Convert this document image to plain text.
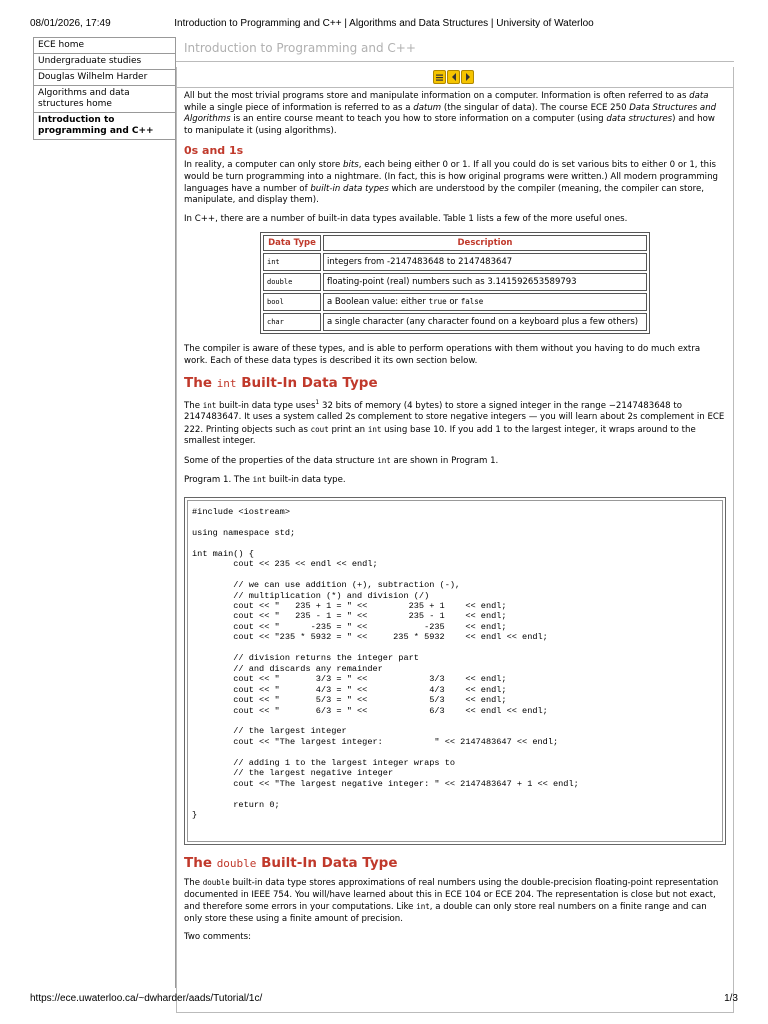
08/01/2026, 17:49	Introduction to Programming and C++ | Algorithms and Data Structures | University of Waterloo
ECE home
Undergraduate studies
Douglas Wilhelm Harder
Algorithms and data structures home
Introduction to programming and C++
Introduction to Programming and C++

All but the most trivial programs store and manipulate information on a computer. Information is often referred to as data while a single piece of information is referred to as a datum (the singular of data). The course ECE 250 Data Structures and Algorithms is an entire course meant to teach you how to store information on a computer (using data structures) and how to manipulate it (using algorithms).

0s and 1s

In reality, a computer can only store bits, each being either 0 or 1. If all you could do is set various bits to either 0 or 1, this would be turn programming into a nightmare. (In fact, this is how original programs were written.) All modern programming languages have a number of built-in data types which are understood by the compiler (meaning, the compiler can store, manipulate, and display them).

In C++, there are a number of built-in data types available. Table 1 lists a few of the more useful ones.

Data Type	Description
int	integers from -2147483648 to 2147483647
double	floating-point (real) numbers such as 3.141592653589793
bool	a Boolean value: either true or false
char	a single character (any character found on a keyboard plus a few others)

The compiler is aware of these types, and is able to perform operations with them without you having to do much extra work. Each of these data types is described it its own section below.

The int Built-In Data Type

The int built-in data type uses$^1$ 32 bits of memory (4 bytes) to store a signed integer in the range −2147483648 to 2147483647. It uses a system called 2s complement to store negative integers — you will learn about 2s complement in ECE 222. Printing objects such as cout print an int using base 10. If you add 1 to the largest integer, it wraps around to the smallest integer.

Some of the properties of the data structure int are shown in Program 1.

Program 1. The int built-in data type.

#include <iostream>

using namespace std;

int main() {
cout << 235 << endl << endl;

// we can use addition (+), subtraction (-),
// multiplication (*) and division (/)
cout << "   235 + 1 = " <<        235 + 1    << endl;
cout << "   235 - 1 = " <<        235 - 1    << endl;
cout << "      -235 = " <<           -235    << endl;
cout << "235 * 5932 = " <<     235 * 5932    << endl << endl;

// division returns the integer part
// and discards any remainder
cout << "       3/3 = " <<            3/3    << endl;
cout << "       4/3 = " <<            4/3    << endl;
cout << "       5/3 = " <<            5/3    << endl;
cout << "       6/3 = " <<            6/3    << endl << endl;

// the largest integer
cout << "The largest integer:          " << 2147483647 << endl;

// adding 1 to the largest integer wraps to
// the largest negative integer
cout << "The largest negative integer: " << 2147483647 + 1 << endl;

return 0;
}
The double Built-In Data Type

The double built-in data type stores approximations of real numbers using the double-precision floating-point representation documented in IEEE 754. You will/have learned about this in ECE 104 or ECE 204. The representation is close but not exact, and therefore some errors in your computations. Like int, a double can only store real numbers on a finite range and can only store these using a finite amount of precision.

Two comments:

https://ece.uwaterloo.ca/~dwharder/aads/Tutorial/1c/	1/3
